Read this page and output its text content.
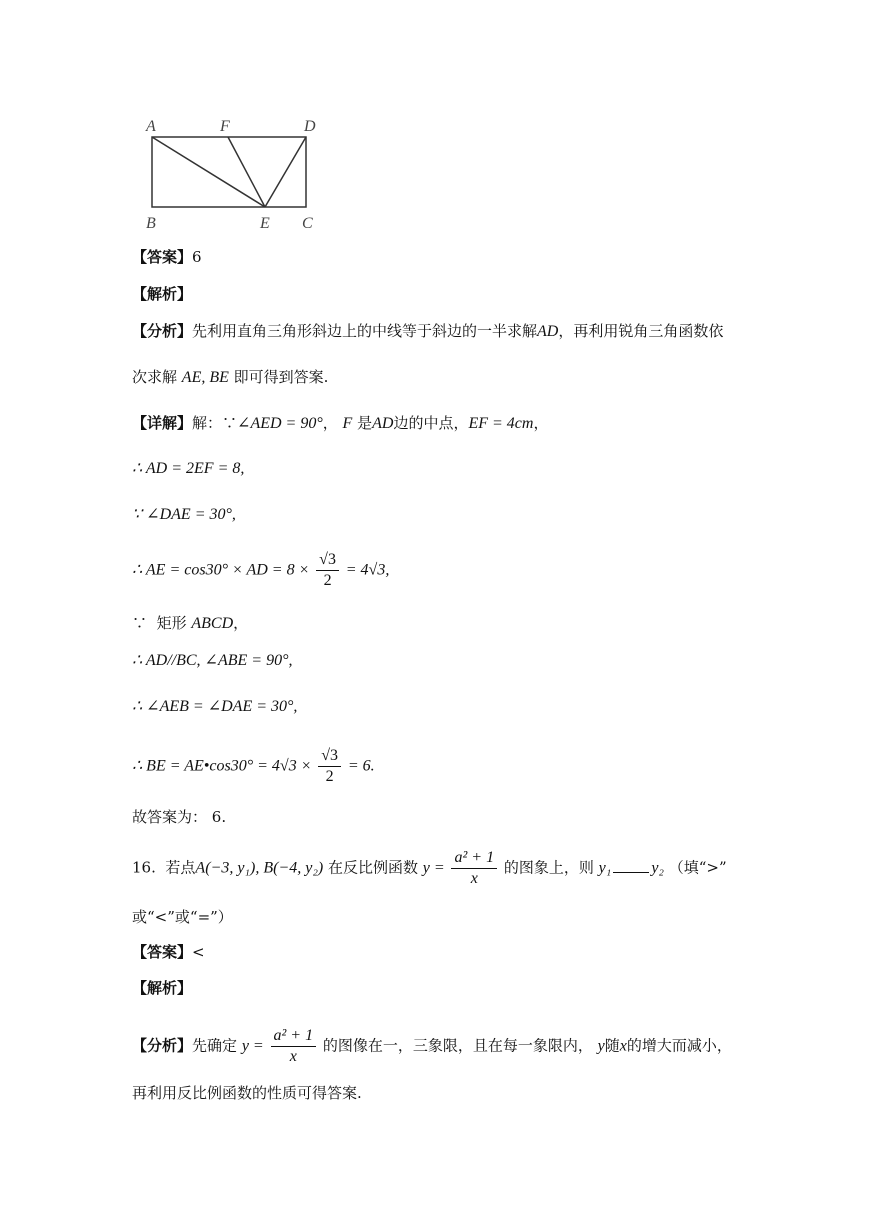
A	F	D
B	E C
【答案】6
【解析】
【分析】先利用直角三角形斜边上的中线等于斜边的一半求解AD，再利用锐角三角函数依
次求解 AE, BE 即可得到答案.
【详解】解：∵∠AED = 90°， F 是AD边的中点，EF = 4cm，
∴ AD = 2EF = 8,
∵ ∠DAE = 30°,
∴ AE = cos30° × AD = $8 \times \frac{√3}{2} = 4√3$,
∵ 矩形 ABCD，
∴ AD//BC, ∠ABE = 90°,
∴ ∠AEB = ∠DAE = 30°,
∴ BE = AE•cos30° = $4√3 \times \frac{√3}{2} = 6$.
故答案为： 6.
16. 若点A(−3, y₁), B(−4, y₂) 在反比例函数 $y = \frac{\text{a² + 1}}{x}$ 的图象上，则 y₁	y₂ （填“>”
或“<”或“=”）
【答案】<
【解析】
【分析】先确定 $y = \frac{\text{a² + 1}}{x}$ 的图像在一，三象限，且在每一象限内， y随x的增大而减小，
再利用反比例函数的性质可得答案.
